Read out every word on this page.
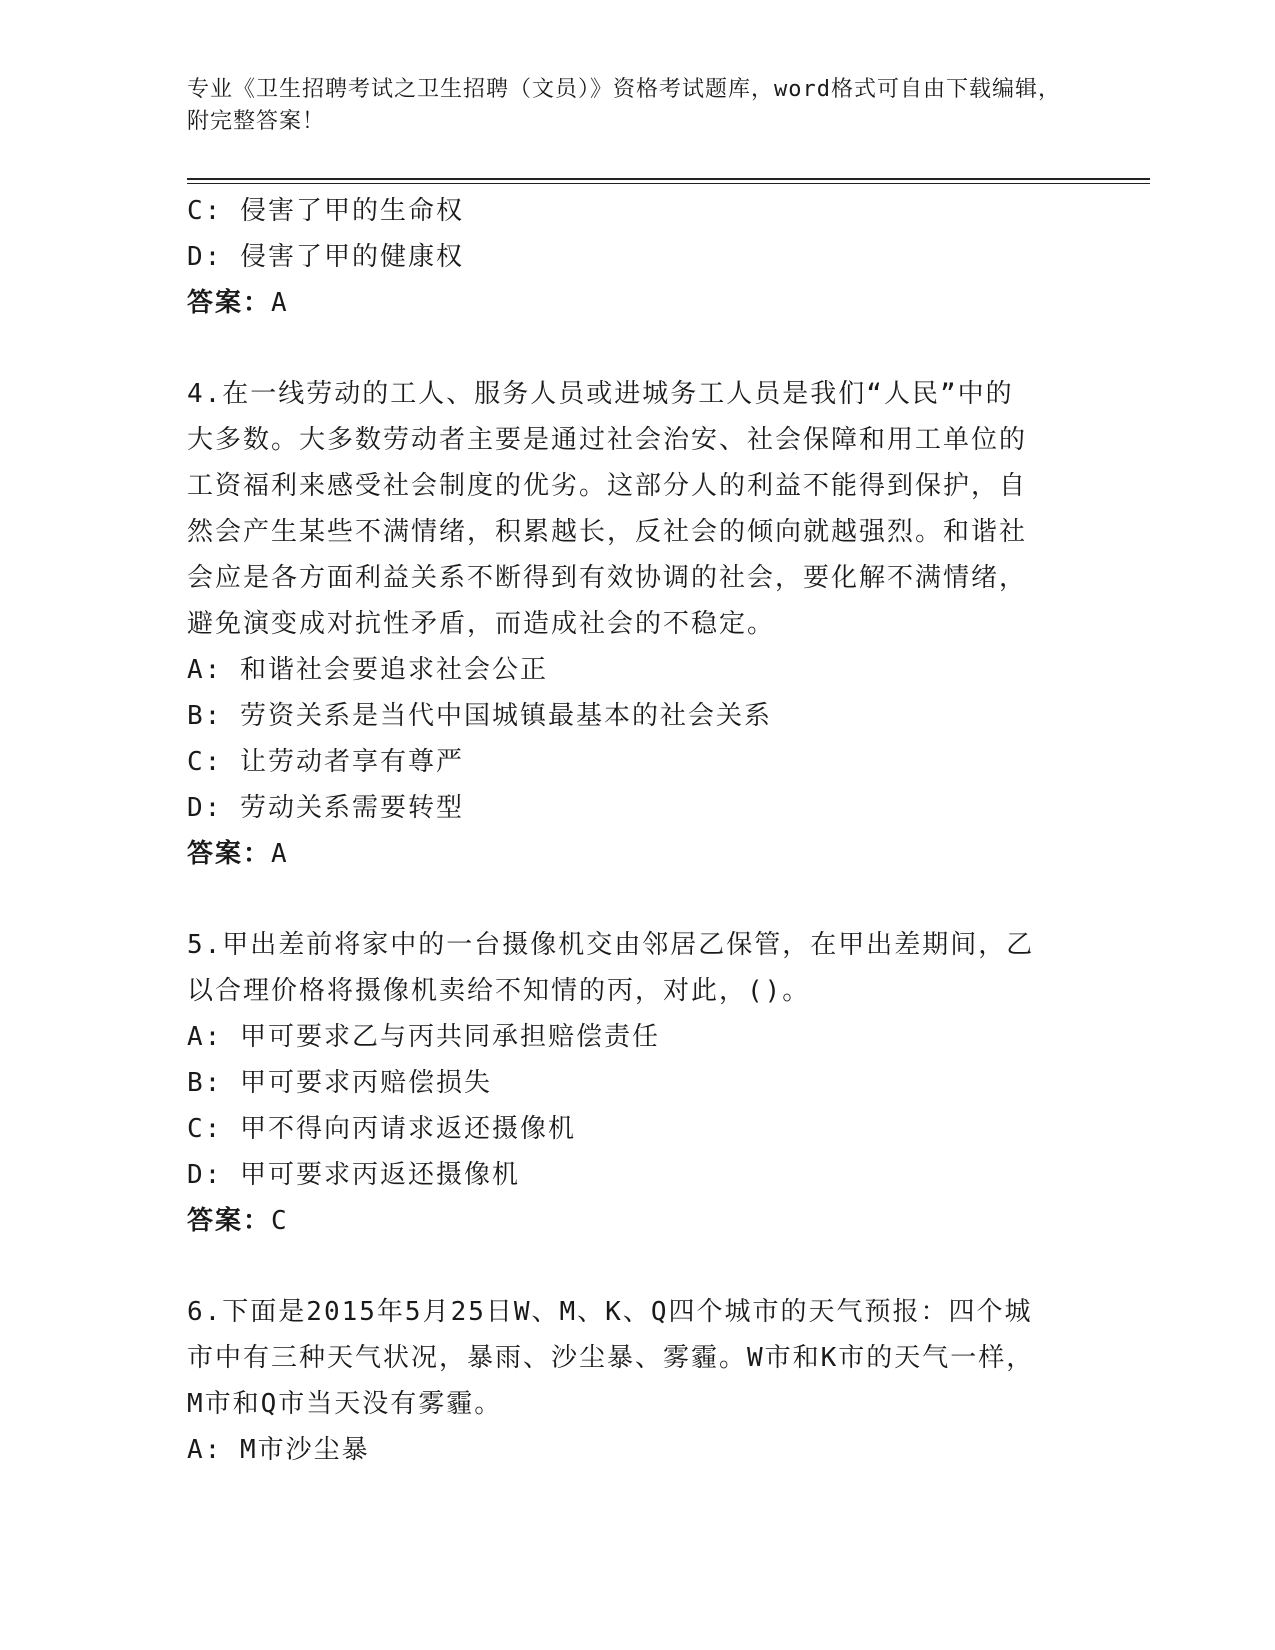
专业《卫生招聘考试之卫生招聘（文员）》资格考试题库，word格式可自由下载编辑，附完整答案！
C: 侵害了甲的生命权
D: 侵害了甲的健康权
答案：A
4.在一线劳动的工人、服务人员或进城务工人员是我们“人民”中的
大多数。大多数劳动者主要是通过社会治安、社会保障和用工单位的
工资福利来感受社会制度的优劣。这部分人的利益不能得到保护，自
然会产生某些不满情绪，积累越长，反社会的倾向就越强烈。和谐社
会应是各方面利益关系不断得到有效协调的社会，要化解不满情绪，
避免演变成对抗性矛盾，而造成社会的不稳定。
A: 和谐社会要追求社会公正
B: 劳资关系是当代中国城镇最基本的社会关系
C: 让劳动者享有尊严
D: 劳动关系需要转型
答案：A
5.甲出差前将家中的一台摄像机交由邻居乙保管，在甲出差期间，乙
以合理价格将摄像机卖给不知情的丙，对此，()。
A: 甲可要求乙与丙共同承担赔偿责任
B: 甲可要求丙赔偿损失
C: 甲不得向丙请求返还摄像机
D: 甲可要求丙返还摄像机
答案：C
6.下面是2015年5月25日W、M、K、Q四个城市的天气预报：四个城
市中有三种天气状况，暴雨、沙尘暴、雾霾。W市和K市的天气一样，
M市和Q市当天没有雾霾。
A: M市沙尘暴
